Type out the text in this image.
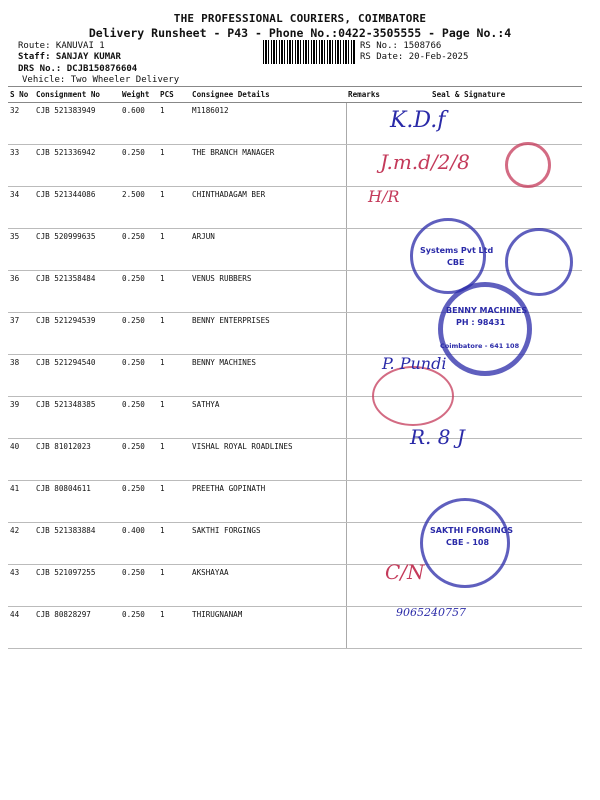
THE PROFESSIONAL COURIERS, COIMBATORE
Delivery Runsheet - P43 - Phone No.:0422-3505555 - Page No.:4
Route: KANUVAI 1
Staff: SANJAY KUMAR
DRS No.: DCJB150876604
Vehicle: Two Wheeler Delivery
RS No.: 1508766
RS Date: 20-Feb-2025
S No	Consignment No	Weight	PCS	Consignee Details	Remarks	Seal & Signature
32	CJB 521383949	0.600	1	M1186012		
33	CJB 521336942	0.250	1	THE BRANCH MANAGER		
34	CJB 521344086	2.500	1	CHINTHADAGAM BER		
35	CJB 520999635	0.250	1	ARJUN		
36	CJB 521358484	0.250	1	VENUS RUBBERS		
37	CJB 521294539	0.250	1	BENNY ENTERPRISES		
38	CJB 521294540	0.250	1	BENNY MACHINES		
39	CJB 521348385	0.250	1	SATHYA		
40	CJB 81012023	0.250	1	VISHAL ROYAL ROADLINES		
41	CJB 80804611	0.250	1	PREETHA GOPINATH		
42	CJB 521383884	0.400	1	SAKTHI FORGINGS		
43	CJB 521097255	0.250	1	AKSHAYAA		
44	CJB 80828297	0.250	1	THIRUGNANAM		
Systems Pvt Ltd
CBE
BENNY MACHINES
PH : 98431
Coimbatore - 641 108
SAKTHI FORGINGS
CBE - 108
K.D.f
J.m.d/2/8
H/R
P. Pundi
R. 8 J
C/N
9065240757
